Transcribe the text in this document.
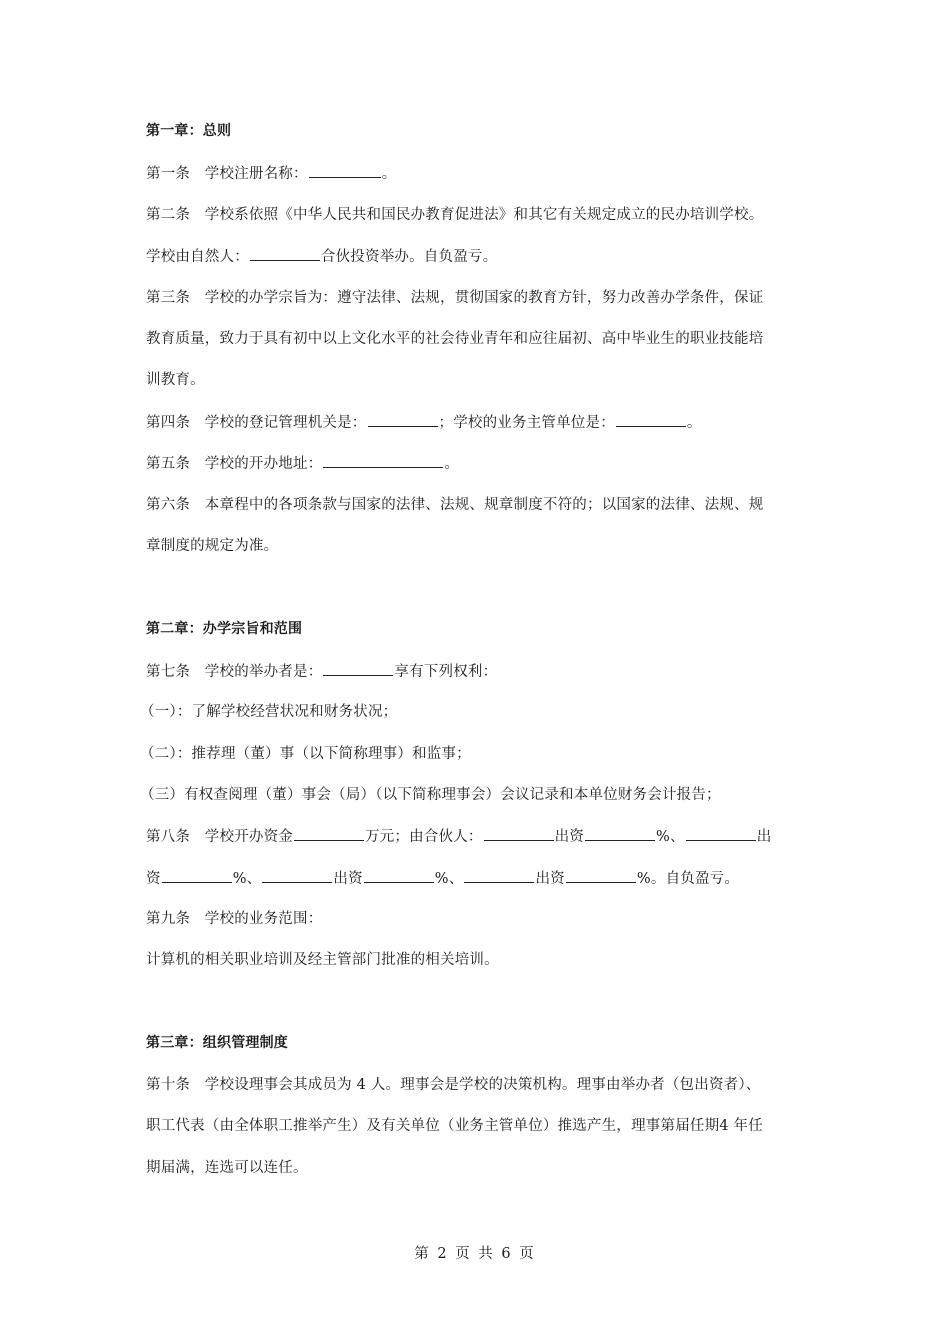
第一章：总则
第一条　学校注册名称：	。
第二条　学校系依照《中华人民共和国民办教育促进法》和其它有关规定成立的民办培训学校。
学校由自然人：	合伙投资举办。自负盈亏。
第三条　学校的办学宗旨为：遵守法律、法规，贯彻国家的教育方针，努力改善办学条件，保证
教育质量，致力于具有初中以上文化水平的社会待业青年和应往届初、高中毕业生的职业技能培
训教育。
第四条　学校的登记管理机关是：	；学校的业务主管单位是：	。
第五条　学校的开办地址：	。
第六条　本章程中的各项条款与国家的法律、法规、规章制度不符的；以国家的法律、法规、规
章制度的规定为准。
第二章：办学宗旨和范围
第七条　学校的举办者是：	享有下列权利：
（一）：了解学校经营状况和财务状况；
（二）：推荐理（董）事（以下简称理事）和监事；
（三）有权查阅理（董）事会（局）（以下简称理事会）会议记录和本单位财务会计报告；
第八条　学校开办资金	万元；由合伙人：	出资	%、	出
资	%、	出资	%、	出资	%。自负盈亏。
第九条　学校的业务范围：
计算机的相关职业培训及经主管部门批准的相关培训。
第三章：组织管理制度
第十条　学校设理事会其成员为 4 人。理事会是学校的决策机构。理事由举办者（包出资者）、
职工代表（由全体职工推举产生）及有关单位（业务主管单位）推选产生，理事第届任期4 年任
期届满，连选可以连任。
第 2 页 共 6 页
